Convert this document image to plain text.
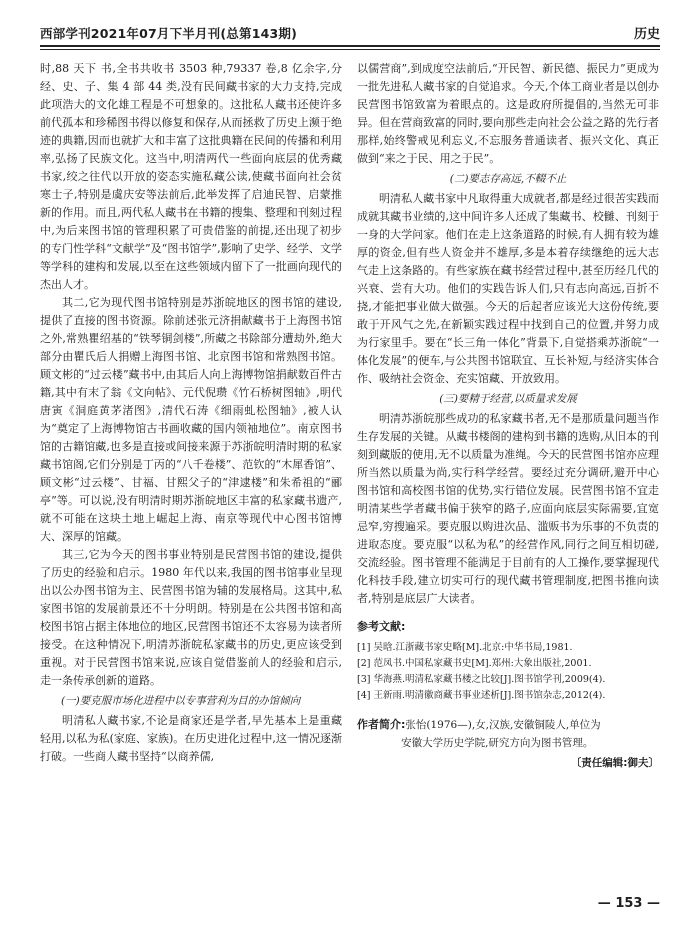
西部学刊2021年07月下半月刊(总第143期)	历史

时,88 天下 书,全书共收书 3503 种,79337 卷,8 亿余字,分经、史、子、集 4 部 44 类,没有民间藏书家的大力支持,完成此项浩大的文化雄工程是不可想象的。这批私人藏书还使许多前代孤本和珍稀图书得以修复和保存,从而拯救了历史上濒于绝迹的典籍,因而也就扩大和丰富了这批典籍在民间的传播和利用率,弘扬了民族文化。这当中,明清两代一些面向底层的优秀藏书家,绞之往代以开放的姿态实施私藏公读,使藏书面向社会贫寒士子,特别是虞庆安等法前后,此举发挥了启迪民智、启蒙推新的作用。而且,两代私人藏书在书籍的搜集、整理和刊刻过程中,为后来图书馆的管理积累了可贵借鉴的前提,还出现了初步的专门性学科“文献学”及“图书馆学”,影响了史学、经学、文学等学科的建构和发展,以至在这些领域内留下了一批画向现代的杰出人才。

其二,它为现代图书馆特别是苏浙皖地区的图书馆的建设,提供了直接的图书资源。除前述张元济捐献藏书于上海图书馆之外,常熟瞿绍基的“铁琴铜剑楼”,所藏之书除部分遭劫外,绝大部分由瞿氏后人捐赠上海图书馆、北京图书馆和常熟图书馆。顾文彬的“过云楼”藏书中,由其后人向上海博物馆捐献数百件古籍,其中有末了翁《文向帖》、元代倪瓒《竹石桥树图轴》,明代唐寅《洞庭黄茅渚图》,清代石涛《细雨虬松图轴》,被人认为“奠定了上海博物馆古书画收藏的国内领袖地位”。南京图书馆的古籍馆藏,也多是直接或间接来源于苏浙皖明清时期的私家藏书馆阁,它们分别是丁丙的“八千卷楼”、范钦的“木犀香馆”、顾文彬“过云楼”、甘福、甘熙父子的“津逮楼”和朱希祖的“郦亭”等。可以说,没有明清时期苏浙皖地区丰富的私家藏书遗产,就不可能在这块土地上崛起上海、南京等现代中心图书馆博大、深厚的馆藏。

其三,它为今天的图书事业特别是民营图书馆的建设,提供了历史的经验和启示。1980 年代以来,我国的图书馆事业呈现出以公办图书馆为主、民营图书馆为辅的发展格局。这其中,私家图书馆的发展前景还不十分明朗。特别是在公共图书馆和高校图书馆占据主体地位的地区,民营图书馆还不太容易为读者所接受。在这种情况下,明清苏浙皖私家藏书的历史,更应该受到重视。对于民营图书馆来说,应该自觉借鉴前人的经验和启示,走一条传承创新的道路。

(一)要克服市场化进程中以专事营利为目的办馆倾向

明清私人藏书家,不论是商家还是学者,早先基本上是重藏轻用,以私为私(家庭、家族)。在历史进化过程中,这一情况逐渐打破。一些商人藏书坚持“以商养儒,

以儒营商”,到成度空法前后,“开民智、新民德、振民力”更成为一批先进私人藏书家的自觉追求。今天,个体工商业者是以创办民营图书馆致富为着眼点的。这是政府所提倡的,当然无可非异。但在营商致富的同时,要向那些走向社会公益之路的先行者那样,始终警戒见利忘义,不忘服务普通读者、振兴文化、真正做到“来之于民、用之于民”。

(二)要志存高远,不輟不止

明清私人藏书家中凡取得重大成就者,都是经过很苦实践而成就其藏书业绩的,这中间许多人还成了集藏书、校雠、刊刻于一身的大学问家。他们在走上这条道路的时候,有人拥有较为雄厚的资金,但有些人资金并不雄厚,多是本着存续继绝的远大志气走上这条路的。有些家族在藏书经营过程中,甚至历经几代的兴衰、尝有大功。他们的实践告诉人们,只有志向高远,百折不挠,才能把事业做大做强。今天的后起者应该光大这份传统,要敢于开风气之先,在新颖实践过程中找到自己的位置,并努力成为行家里手。要在“长三角一体化”背景下,自觉搭乘苏浙皖“一体化发展”的便车,与公共图书馆联宜、互长补短,与经济实体合作、吸纳社会资金、充实馆藏、开放致用。

(三)要精于经营,以质量求发展

明清苏浙皖那些成功的私家藏书者,无不是那质量问题当作生存发展的关键。从藏书楼阁的建构到书籍的选购,从旧本的刊刻到藏版的使用,无不以质量为准绳。今天的民营图书馆亦应理所当然以质量为尚,实行科学经营。要经过充分调研,避开中心图书馆和高校图书馆的优势,实行错位发展。民营图书馆不宜走明清某些学者藏书偏于狭窄的路子,应面向底层实际需要,宜宽忌窄,穷搜遍采。要克服以购进次品、滥贩书为乐事的不负责的进取态度。要克服“以私为私”的经营作风,同行之间互相切磋,交流经验。图书管理不能满足于目前有的人工操作,要掌握现代化科技手段,建立切实可行的现代藏书管理制度,把图书推向读者,特别是底层广大读者。

参考文献:
[1] 吴晗.江浙藏书家史略[M].北京:中华书局,1981.
[2] 范凤书.中国私家藏书史[M].郑州:大象出版社,2001.
[3] 华海燕.明清私家藏书楼之比较[J].图书馆学刊,2009(4).
[4] 王新雨.明清徽商藏书事业述析[J].图书馆杂志,2012(4).
作者简介:张怡(1976—),女,汉族,安徽铜陵人,单位为
安徽大学历史学院,研究方向为图书管理。
〔责任编辑:御夫〕
— 153 —
